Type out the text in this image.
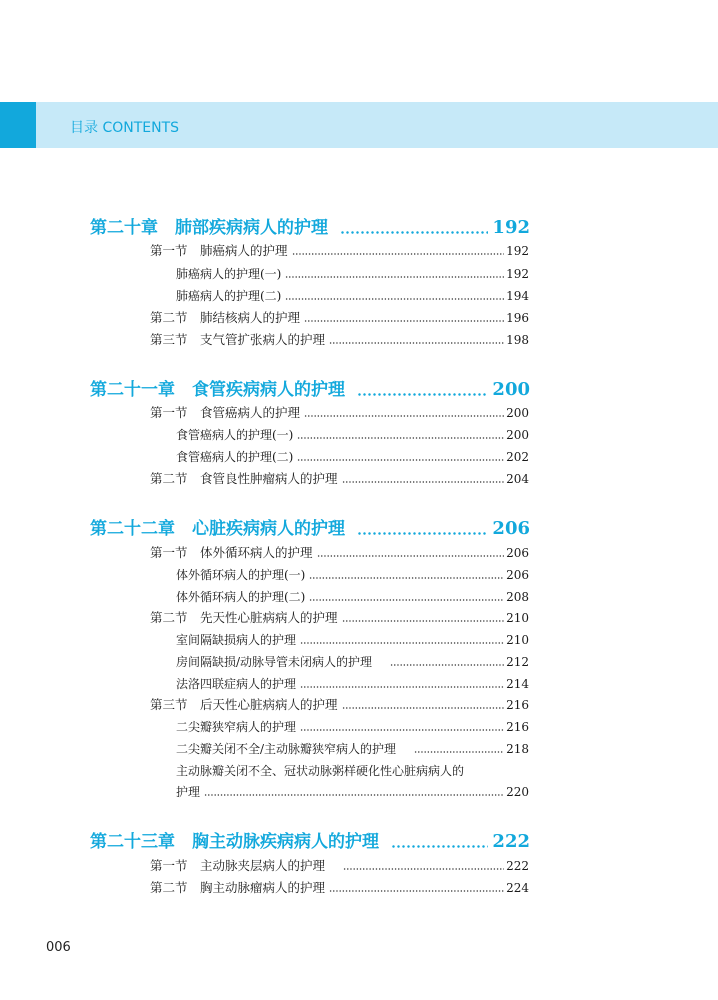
目录 CONTENTS
第二十章　肺部疾病病人的护理	192
第一节　肺癌病人的护理	192
肺癌病人的护理(一)	192
肺癌病人的护理(二)	194
第二节　肺结核病人的护理	196
第三节　支气管扩张病人的护理	198
第二十一章　食管疾病病人的护理	200
第一节　食管癌病人的护理	200
食管癌病人的护理(一)	200
食管癌病人的护理(二)	202
第二节　食管良性肿瘤病人的护理	204
第二十二章　心脏疾病病人的护理	206
第一节　体外循环病人的护理	206
体外循环病人的护理(一)	206
体外循环病人的护理(二)	208
第二节　先天性心脏病病人的护理	210
室间隔缺损病人的护理	210
房间隔缺损/动脉导管未闭病人的护理	212
法洛四联症病人的护理	214
第三节　后天性心脏病病人的护理	216
二尖瓣狭窄病人的护理	216
二尖瓣关闭不全/主动脉瓣狭窄病人的护理	218
主动脉瓣关闭不全、冠状动脉粥样硬化性心脏病病人的
护理	220
第二十三章　胸主动脉疾病病人的护理	222
第一节　主动脉夹层病人的护理	222
第二节　胸主动脉瘤病人的护理	224
006
